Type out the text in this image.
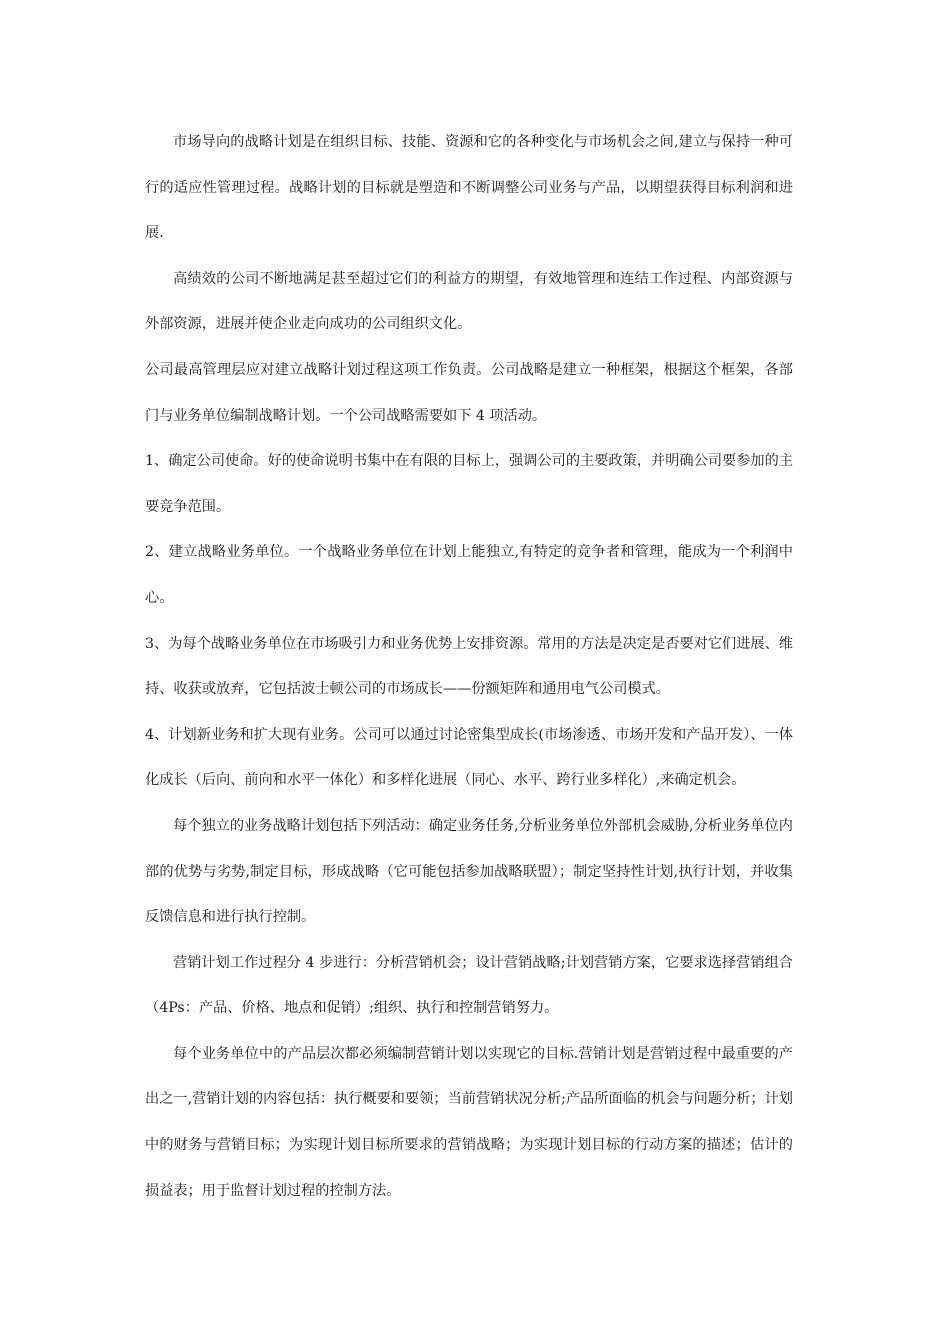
市场导向的战略计划是在组织目标、技能、资源和它的各种变化与市场机会之间,建立与保持一种可行的适应性管理过程。战略计划的目标就是塑造和不断调整公司业务与产品，以期望获得目标利润和进展.

高绩效的公司不断地满足甚至超过它们的利益方的期望，有效地管理和连结工作过程、内部资源与外部资源，进展并使企业走向成功的公司组织文化。

公司最高管理层应对建立战略计划过程这项工作负责。公司战略是建立一种框架，根据这个框架，各部门与业务单位编制战略计划。一个公司战略需要如下 4 项活动。

1、确定公司使命。好的使命说明书集中在有限的目标上，强调公司的主要政策，并明确公司要参加的主要竞争范围。

2、建立战略业务单位。一个战略业务单位在计划上能独立,有特定的竞争者和管理，能成为一个利润中心。

3、为每个战略业务单位在市场吸引力和业务优势上安排资源。常用的方法是决定是否要对它们进展、维持、收获或放弃，它包括波士顿公司的市场成长——份额矩阵和通用电气公司模式。

4、计划新业务和扩大现有业务。公司可以通过讨论密集型成长(市场渗透、市场开发和产品开发）、一体化成长（后向、前向和水平一体化）和多样化进展（同心、水平、跨行业多样化）,来确定机会。

每个独立的业务战略计划包括下列活动：确定业务任务,分析业务单位外部机会威胁,分析业务单位内部的优势与劣势,制定目标，形成战略（它可能包括参加战略联盟）；制定坚持性计划,执行计划，并收集反馈信息和进行执行控制。

营销计划工作过程分 4 步进行：分析营销机会；设计营销战略;计划营销方案，它要求选择营销组合（4Ps：产品、价格、地点和促销）;组织、执行和控制营销努力。

每个业务单位中的产品层次都必须编制营销计划以实现它的目标.营销计划是营销过程中最重要的产出之一,营销计划的内容包括：执行概要和要领；当前营销状况分析;产品所面临的机会与问题分析；计划中的财务与营销目标；为实现计划目标所要求的营销战略；为实现计划目标的行动方案的描述；估计的损益表；用于监督计划过程的控制方法。
